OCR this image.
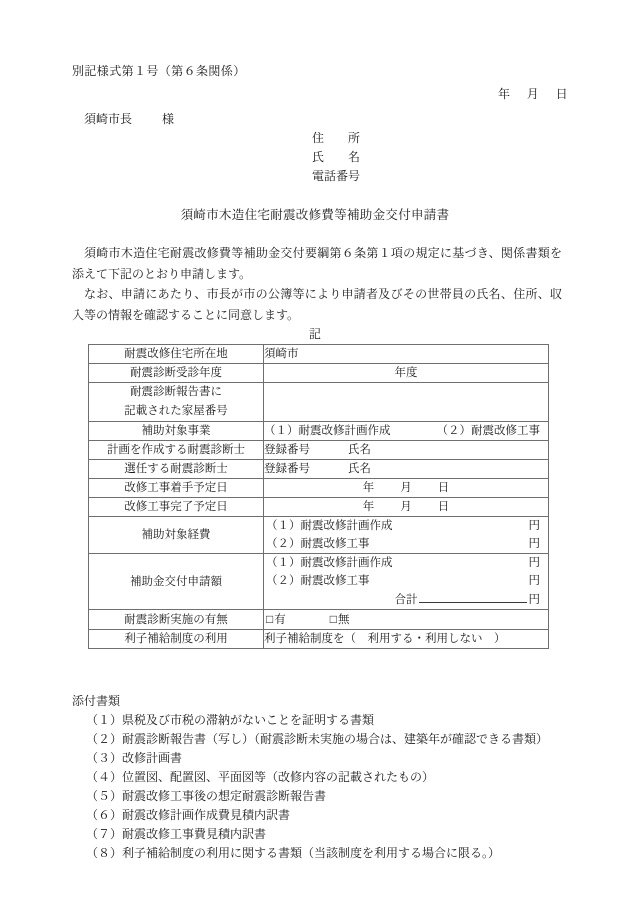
別記様式第１号（第６条関係）
年 月 日
須崎市長	様
住　　所
氏　　名
電話番号
須崎市木造住宅耐震改修費等補助金交付申請書

須崎市木造住宅耐震改修費等補助金交付要綱第６条第１項の規定に基づき、関係書類を添えて下記のとおり申請します。

なお、申請にあたり、市長が市の公簿等により申請者及びその世帯員の氏名、住所、収入等の情報を確認することに同意します。

記
耐震改修住宅所在地	須崎市
耐震診断受診年度	年度

耐震診断報告書に
記載された家屋番号	

補助対象事業	（１）耐震改修計画作成 （２）耐震改修工事
計画を作成する耐震診断士	登録番号 氏名
選任する耐震診断士	登録番号 氏名
改修工事着手予定日	年 月 日

改修工事完了予定日	年 月 日

補助対象経費	（１）耐震改修計画作成 円
（２）耐震改修工事 円

補助金交付申請額	
（１）耐震改修計画作成	円
（２）耐震改修工事	円
合計	円

耐震診断実施の有無	□有 □無

利子補給制度の利用	利子補給制度を（　利用する・利用しない　）
添付書類
（１）県税及び市税の滞納がないことを証明する書類
（２）耐震診断報告書（写し）（耐震診断未実施の場合は、建築年が確認できる書類）
（３）改修計画書
（４）位置図、配置図、平面図等（改修内容の記載されたもの）
（５）耐震改修工事後の想定耐震診断報告書
（６）耐震改修計画作成費見積内訳書
（７）耐震改修工事費見積内訳書
（８）利子補給制度の利用に関する書類（当該制度を利用する場合に限る。）
